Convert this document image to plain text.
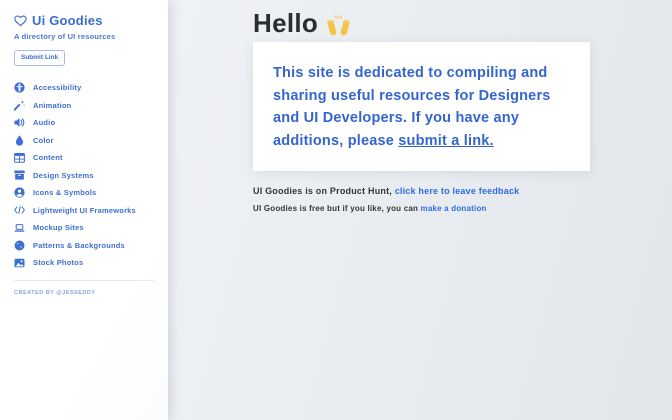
Ui Goodies
A directory of UI resources
Submit Link
Accessibility
Animation
Audio
Color
Content
Design Systems
Icons & Symbols
Lightweight UI Frameworks
Mockup Sites
Patterns & Backgrounds
Stock Photos
CREATED BY @JESSEDDY
Hello

This site is dedicated to compiling and sharing useful resources for Designers and UI Developers. If you have any additions, please submit a link.

UI Goodies is on Product Hunt, click here to leave feedback
UI Goodies is free but if you like, you can make a donation
